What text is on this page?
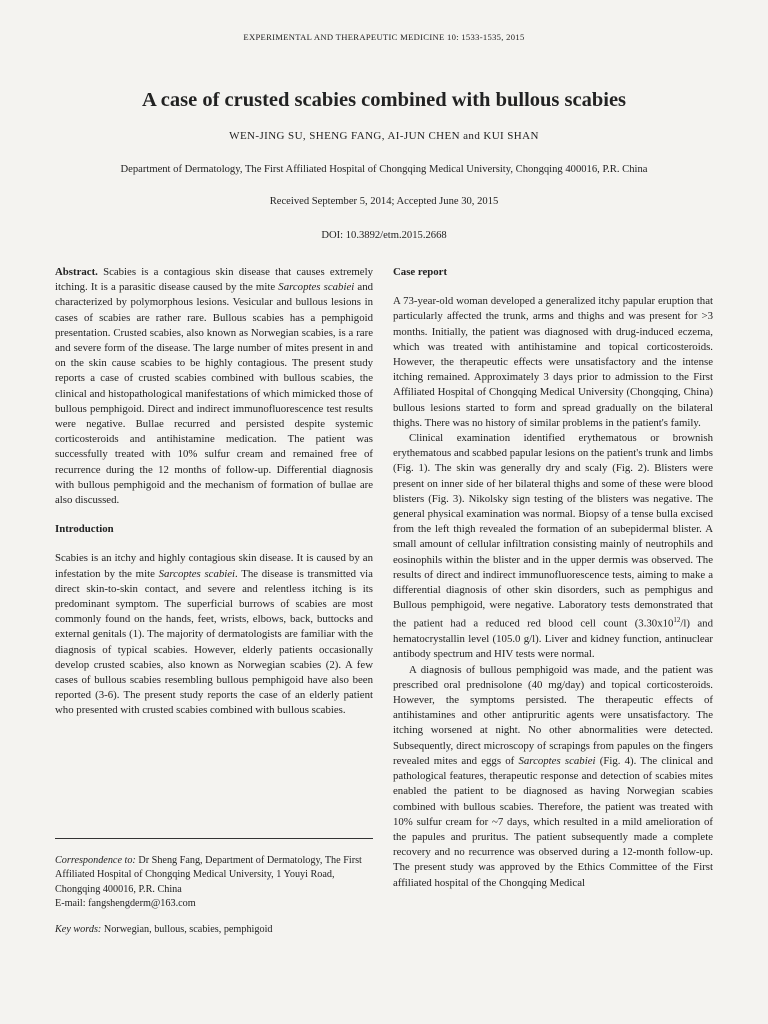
EXPERIMENTAL AND THERAPEUTIC MEDICINE 10: 1533-1535, 2015
A case of crusted scabies combined with bullous scabies
WEN-JING SU, SHENG FANG, AI-JUN CHEN and KUI SHAN
Department of Dermatology, The First Affiliated Hospital of Chongqing Medical University, Chongqing 400016, P.R. China
Received September 5, 2014; Accepted June 30, 2015
DOI: 10.3892/etm.2015.2668

Abstract. Scabies is a contagious skin disease that causes extremely itching. It is a parasitic disease caused by the mite Sarcoptes scabiei and characterized by polymorphous lesions. Vesicular and bullous lesions in cases of scabies are rather rare. Bullous scabies has a pemphigoid presentation. Crusted scabies, also known as Norwegian scabies, is a rare and severe form of the disease. The large number of mites present in and on the skin cause scabies to be highly contagious. The present study reports a case of crusted scabies combined with bullous scabies, the clinical and histopathological manifestations of which mimicked those of bullous pemphigoid. Direct and indirect immunofluorescence test results were negative. Bullae recurred and persisted despite systemic corticosteroids and antihistamine medication. The patient was successfully treated with 10% sulfur cream and remained free of recurrence during the 12 months of follow-up. Differential diagnosis with bullous pemphigoid and the mechanism of formation of bullae are also discussed.

Introduction

Scabies is an itchy and highly contagious skin disease. It is caused by an infestation by the mite Sarcoptes scabiei. The disease is transmitted via direct skin-to-skin contact, and severe and relentless itching is its predominant symptom. The superficial burrows of scabies are most commonly found on the hands, feet, wrists, elbows, back, buttocks and external genitals (1). The majority of dermatologists are familiar with the diagnosis of typical scabies. However, elderly patients occasionally develop crusted scabies, also known as Norwegian scabies (2). A few cases of bullous scabies resembling bullous pemphigoid have also been reported (3-6). The present study reports the case of an elderly patient who presented with crusted scabies combined with bullous scabies.

Correspondence to: Dr Sheng Fang, Department of Dermatology, The First Affiliated Hospital of Chongqing Medical University, 1 Youyi Road, Chongqing 400016, P.R. China
E-mail: fangshengderm@163.com
Key words: Norwegian, bullous, scabies, pemphigoid

Case report

A 73-year-old woman developed a generalized itchy papular eruption that particularly affected the trunk, arms and thighs and was present for >3 months. Initially, the patient was diagnosed with drug-induced eczema, which was treated with antihistamine and topical corticosteroids. However, the therapeutic effects were unsatisfactory and the intense itching remained. Approximately 3 days prior to admission to the First Affiliated Hospital of Chongqing Medical University (Chongqing, China) bullous lesions started to form and spread gradually on the bilateral thighs. There was no history of similar problems in the patient's family.

Clinical examination identified erythematous or brownish erythematous and scabbed papular lesions on the patient's trunk and limbs (Fig. 1). The skin was generally dry and scaly (Fig. 2). Blisters were present on inner side of her bilateral thighs and some of these were blood blisters (Fig. 3). Nikolsky sign testing of the blisters was negative. The general physical examination was normal. Biopsy of a tense bulla excised from the left thigh revealed the formation of an subepidermal blister. A small amount of cellular infiltration consisting mainly of neutrophils and eosinophils within the blister and in the upper dermis was observed. The results of direct and indirect immunofluorescence tests, aiming to make a differential diagnosis of other skin disorders, such as pemphigus and Bullous pemphigoid, were negative. Laboratory tests demonstrated that the patient had a reduced red blood cell count $(3.30x10^{12}/l)$ and hematocrystallin level (105.0 g/l). Liver and kidney function, antinuclear antibody spectrum and HIV tests were normal.

A diagnosis of bullous pemphigoid was made, and the patient was prescribed oral prednisolone (40 mg/day) and topical corticosteroids. However, the symptoms persisted. The therapeutic effects of antihistamines and other antipruritic agents were unsatisfactory. The itching worsened at night. No other abnormalities were detected. Subsequently, direct microscopy of scrapings from papules on the fingers revealed mites and eggs of Sarcoptes scabiei (Fig. 4). The clinical and pathological features, therapeutic response and detection of scabies mites enabled the patient to be diagnosed as having Norwegian scabies combined with bullous scabies. Therefore, the patient was treated with 10% sulfur cream for ~7 days, which resulted in a mild amelioration of the papules and pruritus. The patient subsequently made a complete recovery and no recurrence was observed during a 12-month follow-up. The present study was approved by the Ethics Committee of the First affiliated hospital of the Chongqing Medical
